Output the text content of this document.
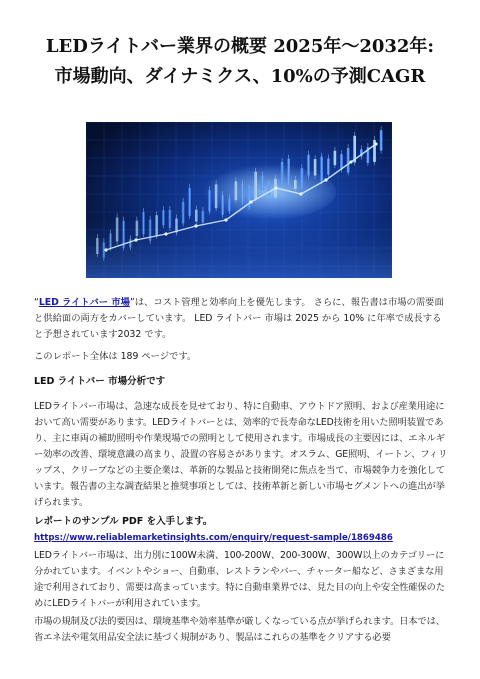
LEDライトバー業界の概要 2025年〜2032年: 市場動向、ダイナミクス、10%の予測CAGR

“LED ライトバー 市場”は、コスト管理と効率向上を優先します。 さらに、報告書は市場の需要面と供給面の両方をカバーしています。 LED ライトバー 市場は 2025 から 10% に年率で成長すると予想されています2032 です。

このレポート全体は 189 ページです。

LED ライトバー 市場分析です

LEDライトバー市場は、急速な成長を見せており、特に自動車、アウトドア照明、および産業用途において高い需要があります。LEDライトバーとは、効率的で長寿命なLED技術を用いた照明装置であり、主に車両の補助照明や作業現場での照明として使用されます。市場成長の主要因には、エネルギー効率の改善、環境意識の高まり、設置の容易さがあります。オスラム、GE照明、イートン、フィリップス、クリーブなどの主要企業は、革新的な製品と技術開発に焦点を当て、市場競争力を強化しています。報告書の主な調査結果と推奨事項としては、技術革新と新しい市場セグメントへの進出が挙げられます。

レポートのサンプル PDF を入手します。 https://www.reliablemarketinsights.com/enquiry/request-sample/1869486

LEDライトバー市場は、出力別に100W未満、100-200W、200-300W、300W以上のカテゴリーに分かれています。イベントやショー、自動車、レストランやバー、チャーター船など、さまざまな用途で利用されており、需要は高まっています。特に自動車業界では、見た目の向上や安全性確保のためにLEDライトバーが利用されています。

市場の規制及び法的要因は、環境基準や効率基準が厳しくなっている点が挙げられます。日本では、省エネ法や電気用品安全法に基づく規制があり、製品はこれらの基準をクリアする必要
